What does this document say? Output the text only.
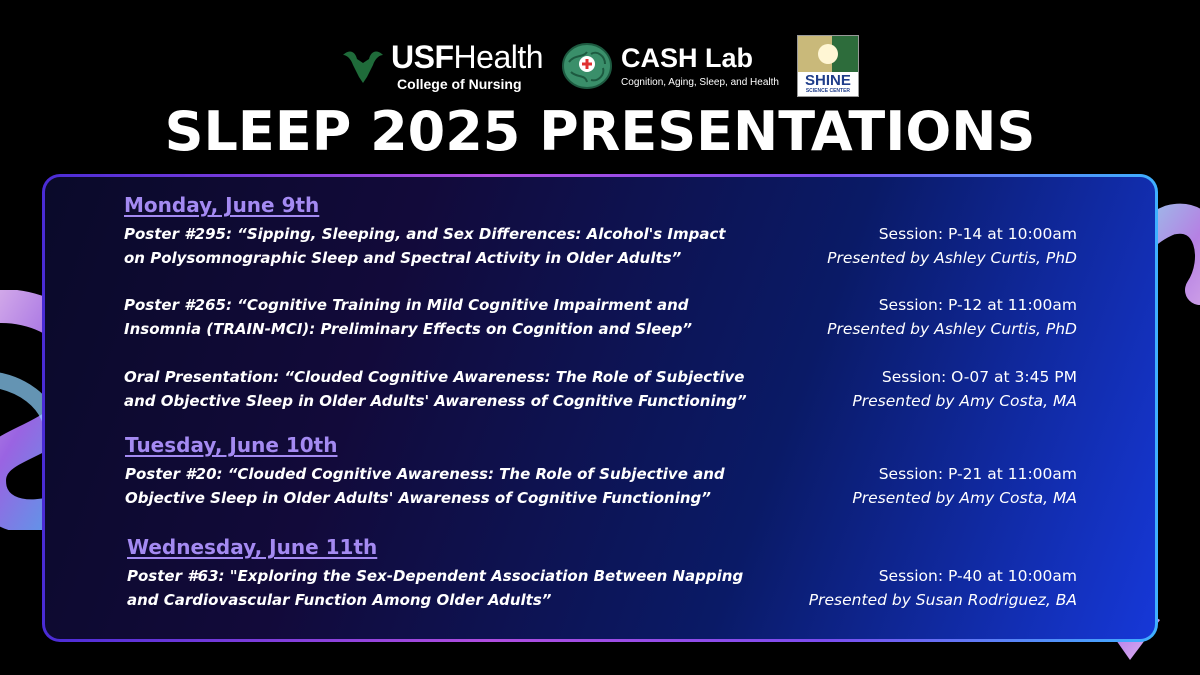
USFHealth
College of Nursing
CASH Lab
Cognition, Aging, Sleep, and Health	SHINE
SCIENCE CENTER
SLEEP 2025 PRESENTATIONS
Monday, June 9th
Poster #295: “Sipping, Sleeping, and Sex Differences: Alcohol's Impact
on Polysomnographic Sleep and Spectral Activity in Older Adults”
Session: P-14 at 10:00am
Presented by Ashley Curtis, PhD
Poster #265: “Cognitive Training in Mild Cognitive Impairment and
Insomnia (TRAIN-MCI): Preliminary Effects on Cognition and Sleep”
Session: P-12 at 11:00am
Presented by Ashley Curtis, PhD
Oral Presentation: “Clouded Cognitive Awareness: The Role of Subjective
and Objective Sleep in Older Adults' Awareness of Cognitive Functioning”
Session: O-07 at 3:45 PM
Presented by Amy Costa, MA
Tuesday, June 10th
Poster #20: “Clouded Cognitive Awareness: The Role of Subjective and
Objective Sleep in Older Adults' Awareness of Cognitive Functioning”
Session: P-21 at 11:00am
Presented by Amy Costa, MA
Wednesday, June 11th
Poster #63: "Exploring the Sex-Dependent Association Between Napping
and Cardiovascular Function Among Older Adults”
Session: P-40 at 10:00am
Presented by Susan Rodriguez, BA
